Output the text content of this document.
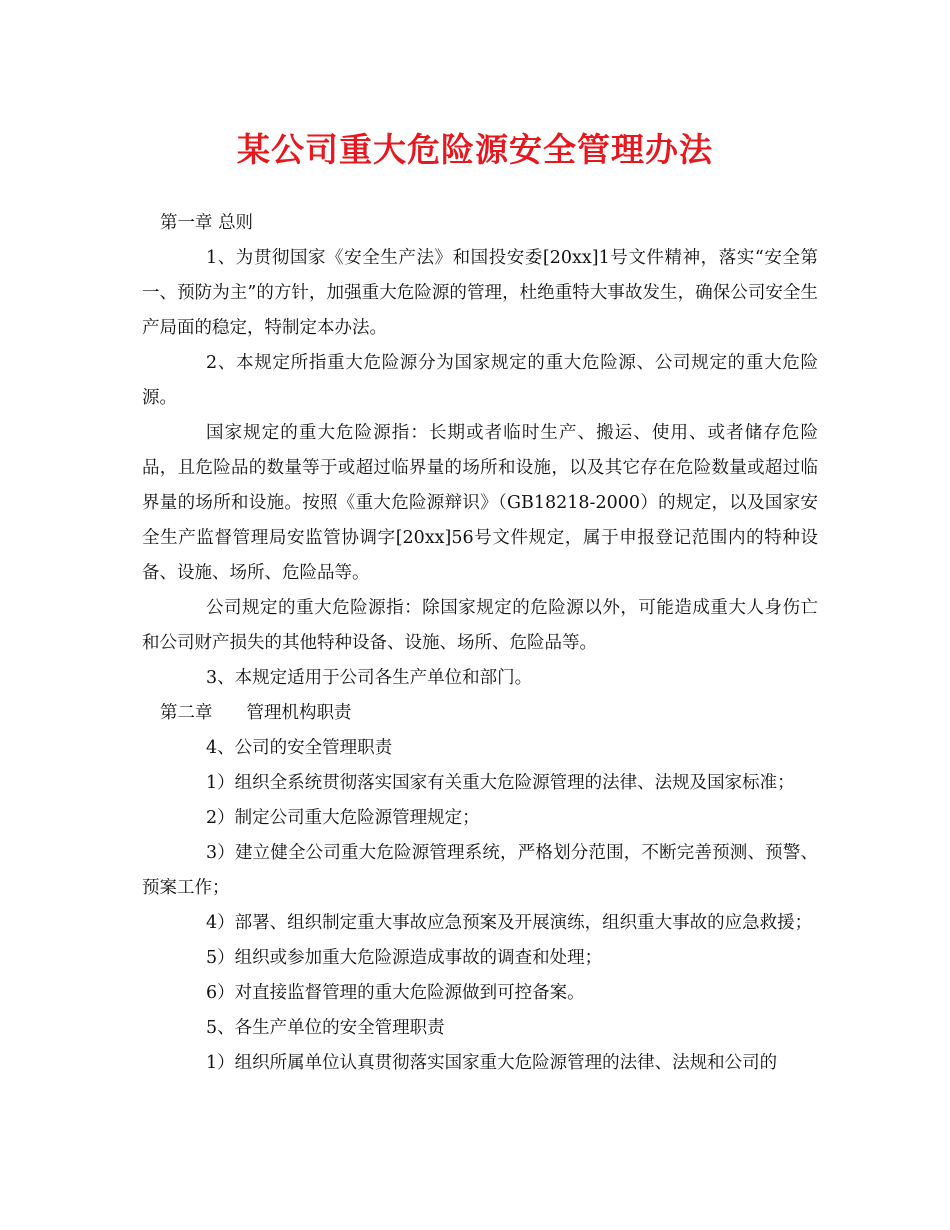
某公司重大危险源安全管理办法

第一章 总则

1、为贯彻国家《安全生产法》和国投安委[20xx]1号文件精神，落实“安全第一、预防为主”的方针，加强重大危险源的管理，杜绝重特大事故发生，确保公司安全生产局面的稳定，特制定本办法。

2、本规定所指重大危险源分为国家规定的重大危险源、公司规定的重大危险源。

国家规定的重大危险源指：长期或者临时生产、搬运、使用、或者储存危险品，且危险品的数量等于或超过临界量的场所和设施，以及其它存在危险数量或超过临界量的场所和设施。按照《重大危险源辩识》（GB18218-2000）的规定，以及国家安全生产监督管理局安监管协调字[20xx]56号文件规定，属于申报登记范围内的特种设备、设施、场所、危险品等。

公司规定的重大危险源指：除国家规定的危险源以外，可能造成重大人身伤亡和公司财产损失的其他特种设备、设施、场所、危险品等。

3、本规定适用于公司各生产单位和部门。

第二章 管理机构职责

4、公司的安全管理职责

1）组织全系统贯彻落实国家有关重大危险源管理的法律、法规及国家标准；

2）制定公司重大危险源管理规定；

3）建立健全公司重大危险源管理系统，严格划分范围，不断完善预测、预警、预案工作；

4）部署、组织制定重大事故应急预案及开展演练，组织重大事故的应急救援；

5）组织或参加重大危险源造成事故的调查和处理；

6）对直接监督管理的重大危险源做到可控备案。

5、各生产单位的安全管理职责

1）组织所属单位认真贯彻落实国家重大危险源管理的法律、法规和公司的
